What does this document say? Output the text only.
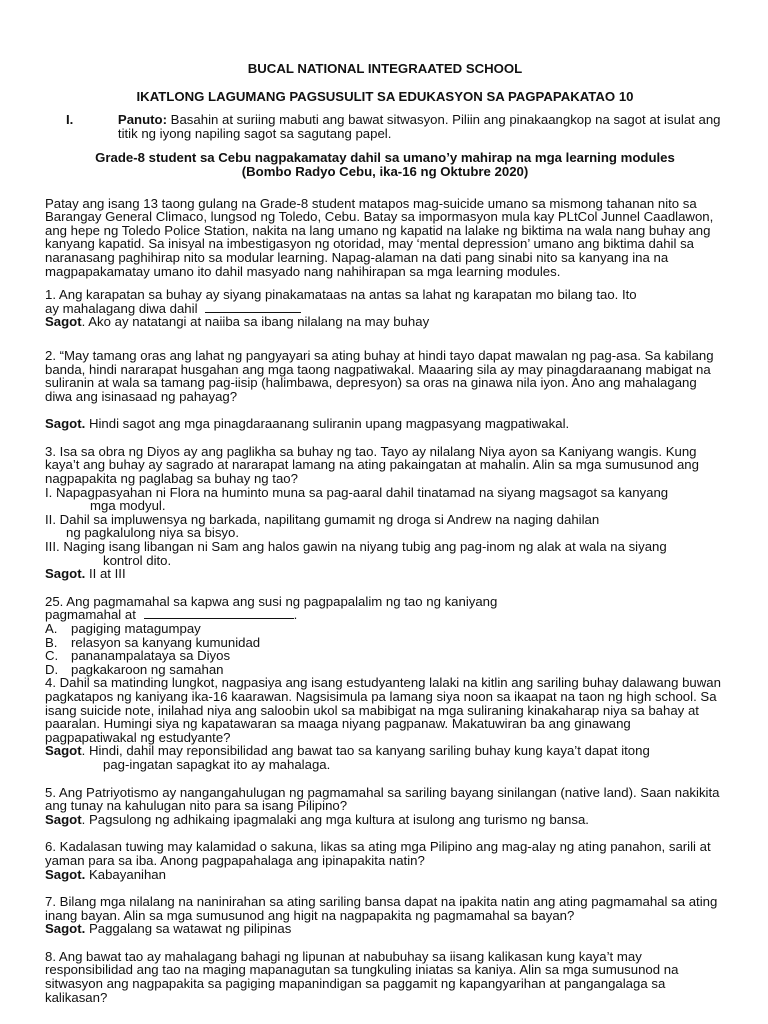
BUCAL NATIONAL INTEGRAATED SCHOOL
IKATLONG LAGUMANG PAGSUSULIT SA EDUKASYON SA PAGPAPAKATAO 10
I.	Panuto: Basahin at suriing mabuti ang bawat sitwasyon. Piliin ang pinakaangkop na sagot at isulat ang titik ng iyong napiling sagot sa sagutang papel.
Grade-8 student sa Cebu nagpakamatay dahil sa umano’y mahirap na mga learning modules
(Bombo Radyo Cebu, ika-16 ng Oktubre 2020)
Patay ang isang 13 taong gulang na Grade-8 student matapos mag-suicide umano sa mismong tahanan nito sa Barangay General Climaco, lungsod ng Toledo, Cebu. Batay sa impormasyon mula kay PLtCol Junnel Caadlawon, ang hepe ng Toledo Police Station, nakita na lang umano ng kapatid na lalake ng biktima na wala nang buhay ang kanyang kapatid. Sa inisyal na imbestigasyon ng otoridad, may ‘mental depression’ umano ang biktima dahil sa naranasang paghihirap nito sa modular learning. Napag-alaman na dati pang sinabi nito sa kanyang ina na magpapakamatay umano ito dahil masyado nang nahihirapan sa mga learning modules.
1. Ang karapatan sa buhay ay siyang pinakamataas na antas sa lahat ng karapatan mo bilang tao. Ito
ay mahalagang diwa dahil
Sagot. Ako ay natatangi at naiiba sa ibang nilalang na may buhay
2. “May tamang oras ang lahat ng pangyayari sa ating buhay at hindi tayo dapat mawalan ng pag-asa. Sa kabilang banda, hindi nararapat husgahan ang mga taong nagpatiwakal. Maaaring sila ay may pinagdaraanang mabigat na suliranin at wala sa tamang pag-iisip (halimbawa, depresyon) sa oras na ginawa nila iyon. Ano ang mahalagang diwa ang isinasaad ng pahayag?
Sagot. Hindi sagot ang mga pinagdaraanang suliranin upang magpasyang magpatiwakal.
3. Isa sa obra ng Diyos ay ang paglikha sa buhay ng tao. Tayo ay nilalang Niya ayon sa Kaniyang wangis. Kung kaya’t ang buhay ay sagrado at nararapat lamang na ating pakaingatan at mahalin. Alin sa mga sumusunod ang nagpapakita ng paglabag sa buhay ng tao?
I. Napagpasyahan ni Flora na huminto muna sa pag-aaral dahil tinatamad na siyang magsagot sa kanyang
mga modyul.
II. Dahil sa impluwensya ng barkada, napilitang gumamit ng droga si Andrew na naging dahilan
ng pagkalulong niya sa bisyo.
III. Naging isang libangan ni Sam ang halos gawin na niyang tubig ang pag-inom ng alak at wala na siyang
kontrol dito.
Sagot. II at III
25. Ang pagmamahal sa kapwa ang susi ng pagpapalalim ng tao ng kaniyang
pagmamahal at	.
A.	pagiging matagumpay
B.	relasyon sa kanyang kumunidad
C. pananampalataya sa Diyos
D. pagkakaroon ng samahan
4. Dahil sa matinding lungkot, nagpasiya ang isang estudyanteng lalaki na kitlin ang sariling buhay dalawang buwan pagkatapos ng kaniyang ika-16 kaarawan. Nagsisimula pa lamang siya noon sa ikaapat na taon ng high school. Sa isang suicide note, inilahad niya ang saloobin ukol sa mabibigat na mga suliraning kinakaharap niya sa bahay at paaralan. Humingi siya ng kapatawaran sa maaga niyang pagpanaw. Makatuwiran ba ang ginawang pagpapatiwakal ng estudyante?
Sagot. Hindi, dahil may reponsibilidad ang bawat tao sa kanyang sariling buhay kung kaya’t dapat itong
pag-ingatan sapagkat ito ay mahalaga.
5. Ang Patriyotismo ay nangangahulugan ng pagmamahal sa sariling bayang sinilangan (native land). Saan nakikita ang tunay na kahulugan nito para sa isang Pilipino?
Sagot. Pagsulong ng adhikaing ipagmalaki ang mga kultura at isulong ang turismo ng bansa.
6. Kadalasan tuwing may kalamidad o sakuna, likas sa ating mga Pilipino ang mag-alay ng ating panahon, sarili at yaman para sa iba. Anong pagpapahalaga ang ipinapakita natin?
Sagot. Kabayanihan
7. Bilang mga nilalang na naninirahan sa ating sariling bansa dapat na ipakita natin ang ating pagmamahal sa ating inang bayan. Alin sa mga sumusunod ang higit na nagpapakita ng pagmamahal sa bayan?
Sagot. Paggalang sa watawat ng pilipinas
8. Ang bawat tao ay mahalagang bahagi ng lipunan at nabubuhay sa iisang kalikasan kung kaya’t may responsibilidad ang tao na maging mapanagutan sa tungkuling iniatas sa kaniya. Alin sa mga sumusunod na sitwasyon ang nagpapakita sa pagiging mapanindigan sa paggamit ng kapangyarihan at pangangalaga sa kalikasan?
